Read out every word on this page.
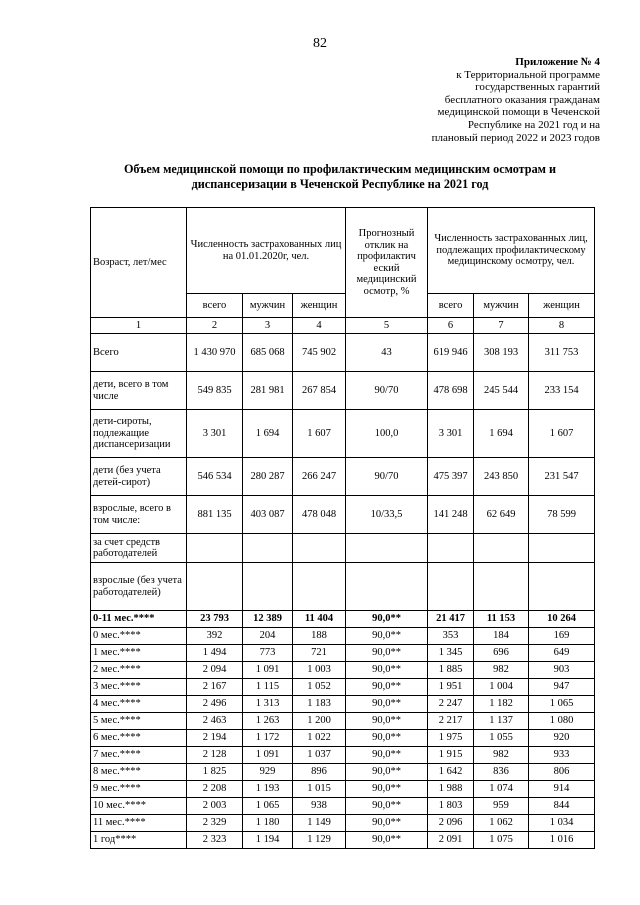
82
Приложение № 4
к Территориальной программе
государственных гарантий
бесплатного оказания гражданам
медицинской помощи в Чеченской
Республике на 2021 год и на
плановый период 2022 и 2023 годов
Объем медицинской помощи по профилактическим медицинским осмотрам и
диспансеризации в Чеченской Республике на 2021 год
Возраст, лет/мес	Численность застрахованных лиц на 01.01.2020г, чел.			Прогнозный отклик на профилактич еский медицинский осмотр, %	Численность застрахованных лиц, подлежащих профилактическому медицинскому осмотру, чел.		
	всего	мужчин	женщин		всего	мужчин	женщин
1	2	3	4	5	6	7	8
Всего	1 430 970	685 068	745 902	43	619 946	308 193	311 753
дети, всего в том числе	549 835	281 981	267 854	90/70	478 698	245 544	233 154
дети-сироты, подлежащие диспансеризации	3 301	1 694	1 607	100,0	3 301	1 694	1 607
дети (без учета детей-сирот)	546 534	280 287	266 247	90/70	475 397	243 850	231 547
взрослые, всего в том числе:	881 135	403 087	478 048	10/33,5	141 248	62 649	78 599
за счет средств работодателей							
взрослые (без учета работодателей)							
0-11 мес.****	23 793	12 389	11 404	90,0**	21 417	11 153	10 264
0 мес.****	392	204	188	90,0**	353	184	169
1 мес.****	1 494	773	721	90,0**	1 345	696	649
2 мес.****	2 094	1 091	1 003	90,0**	1 885	982	903
3 мес.****	2 167	1 115	1 052	90,0**	1 951	1 004	947
4 мес.****	2 496	1 313	1 183	90,0**	2 247	1 182	1 065
5 мес.****	2 463	1 263	1 200	90,0**	2 217	1 137	1 080
6 мес.****	2 194	1 172	1 022	90,0**	1 975	1 055	920
7 мес.****	2 128	1 091	1 037	90,0**	1 915	982	933
8 мес.****	1 825	929	896	90,0**	1 642	836	806
9 мес.****	2 208	1 193	1 015	90,0**	1 988	1 074	914
10 мес.****	2 003	1 065	938	90,0**	1 803	959	844
11 мес.****	2 329	1 180	1 149	90,0**	2 096	1 062	1 034
1 год****	2 323	1 194	1 129	90,0**	2 091	1 075	1 016
